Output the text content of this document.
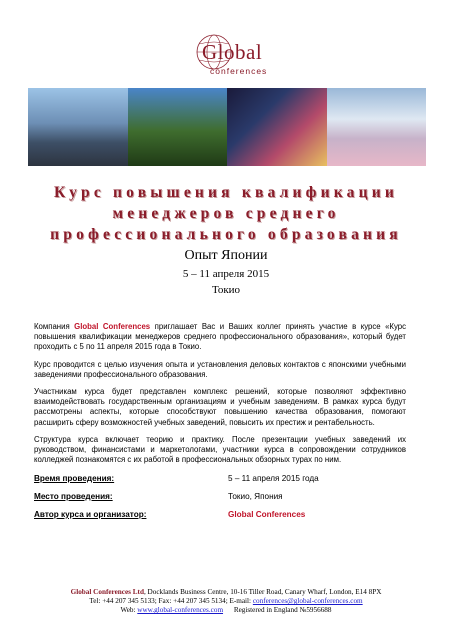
Global
conferences
Курс повышения квалификации
менеджеров среднего
профессионального образования
Опыт Японии
5 – 11 апреля 2015
Токио

Компания Global Conferences приглашает Вас и Ваших коллег принять участие в курсе «Курс повышения квалификации менеджеров среднего профессионального образования», который будет проходить с 5 по 11 апреля 2015 года в Токио.

Курс проводится с целью изучения опыта и установления деловых контактов с японскими учебными заведениями профессионального образования.

Участникам курса будет представлен комплекс решений, которые позволяют эффективно взаимодействовать государственным организациям и учебным заведениям. В рамках курса будут рассмотрены аспекты, которые способствуют повышению качества образования, помогают расширить сферу возможностей учебных заведений, повысить их престиж и рентабельность.

Структура курса включает теорию и практику. После презентации учебных заведений их руководством, финансистами и маркетологами, участники курса в сопровождении сотрудников колледжей познакомятся с их работой в профессиональных обзорных турах по ним.

Время проведения:	5 – 11 апреля 2015 года
Место проведения:	Токио, Япония
Автор курса и организатор:	Global Conferences
Global Conferences Ltd, Docklands Business Centre, 10-16 Tiller Road, Canary Wharf, London, E14 8PX
Tel: +44 207 345 5133; Fax: +44 207 345 5134; E-mail: conferences@global-conferences.com
Web: www.global-conferences.com Registered in England №5956688
